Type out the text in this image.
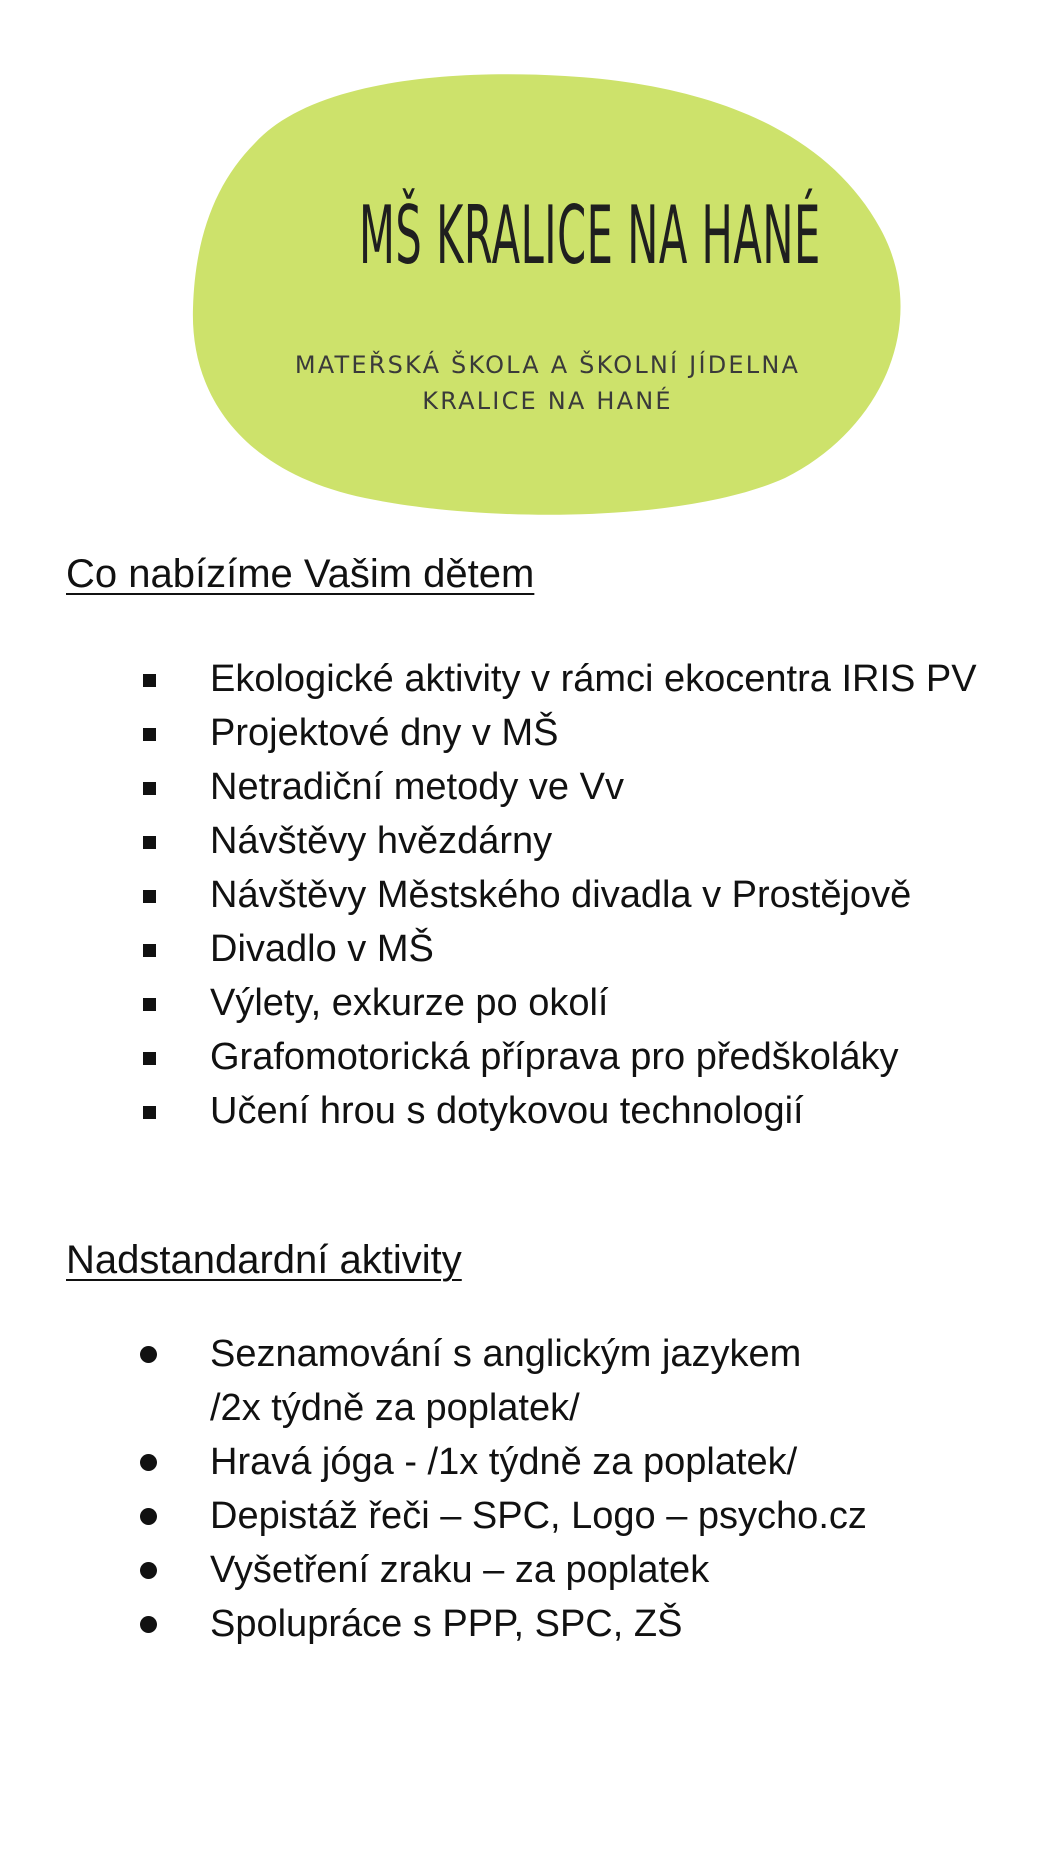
MŠ KRALICE NA HANÉ
MATEŘSKÁ ŠKOLA A ŠKOLNÍ JÍDELNA
KRALICE NA HANÉ
Co nabízíme Vašim dětem
Ekologické aktivity v rámci ekocentra IRIS PV
Projektové dny v MŠ
Netradiční metody ve Vv
Návštěvy hvězdárny
Návštěvy Městského divadla v Prostějově
Divadlo v MŠ
Výlety, exkurze po okolí
Grafomotorická příprava pro předškoláky
Učení hrou s dotykovou technologií
Nadstandardní aktivity
Seznamování s anglickým jazykem
/2x týdně za poplatek/
Hravá jóga - /1x týdně za poplatek/
Depistáž řeči – SPC, Logo – psycho.cz
Vyšetření zraku – za poplatek
Spolupráce s PPP, SPC, ZŠ
